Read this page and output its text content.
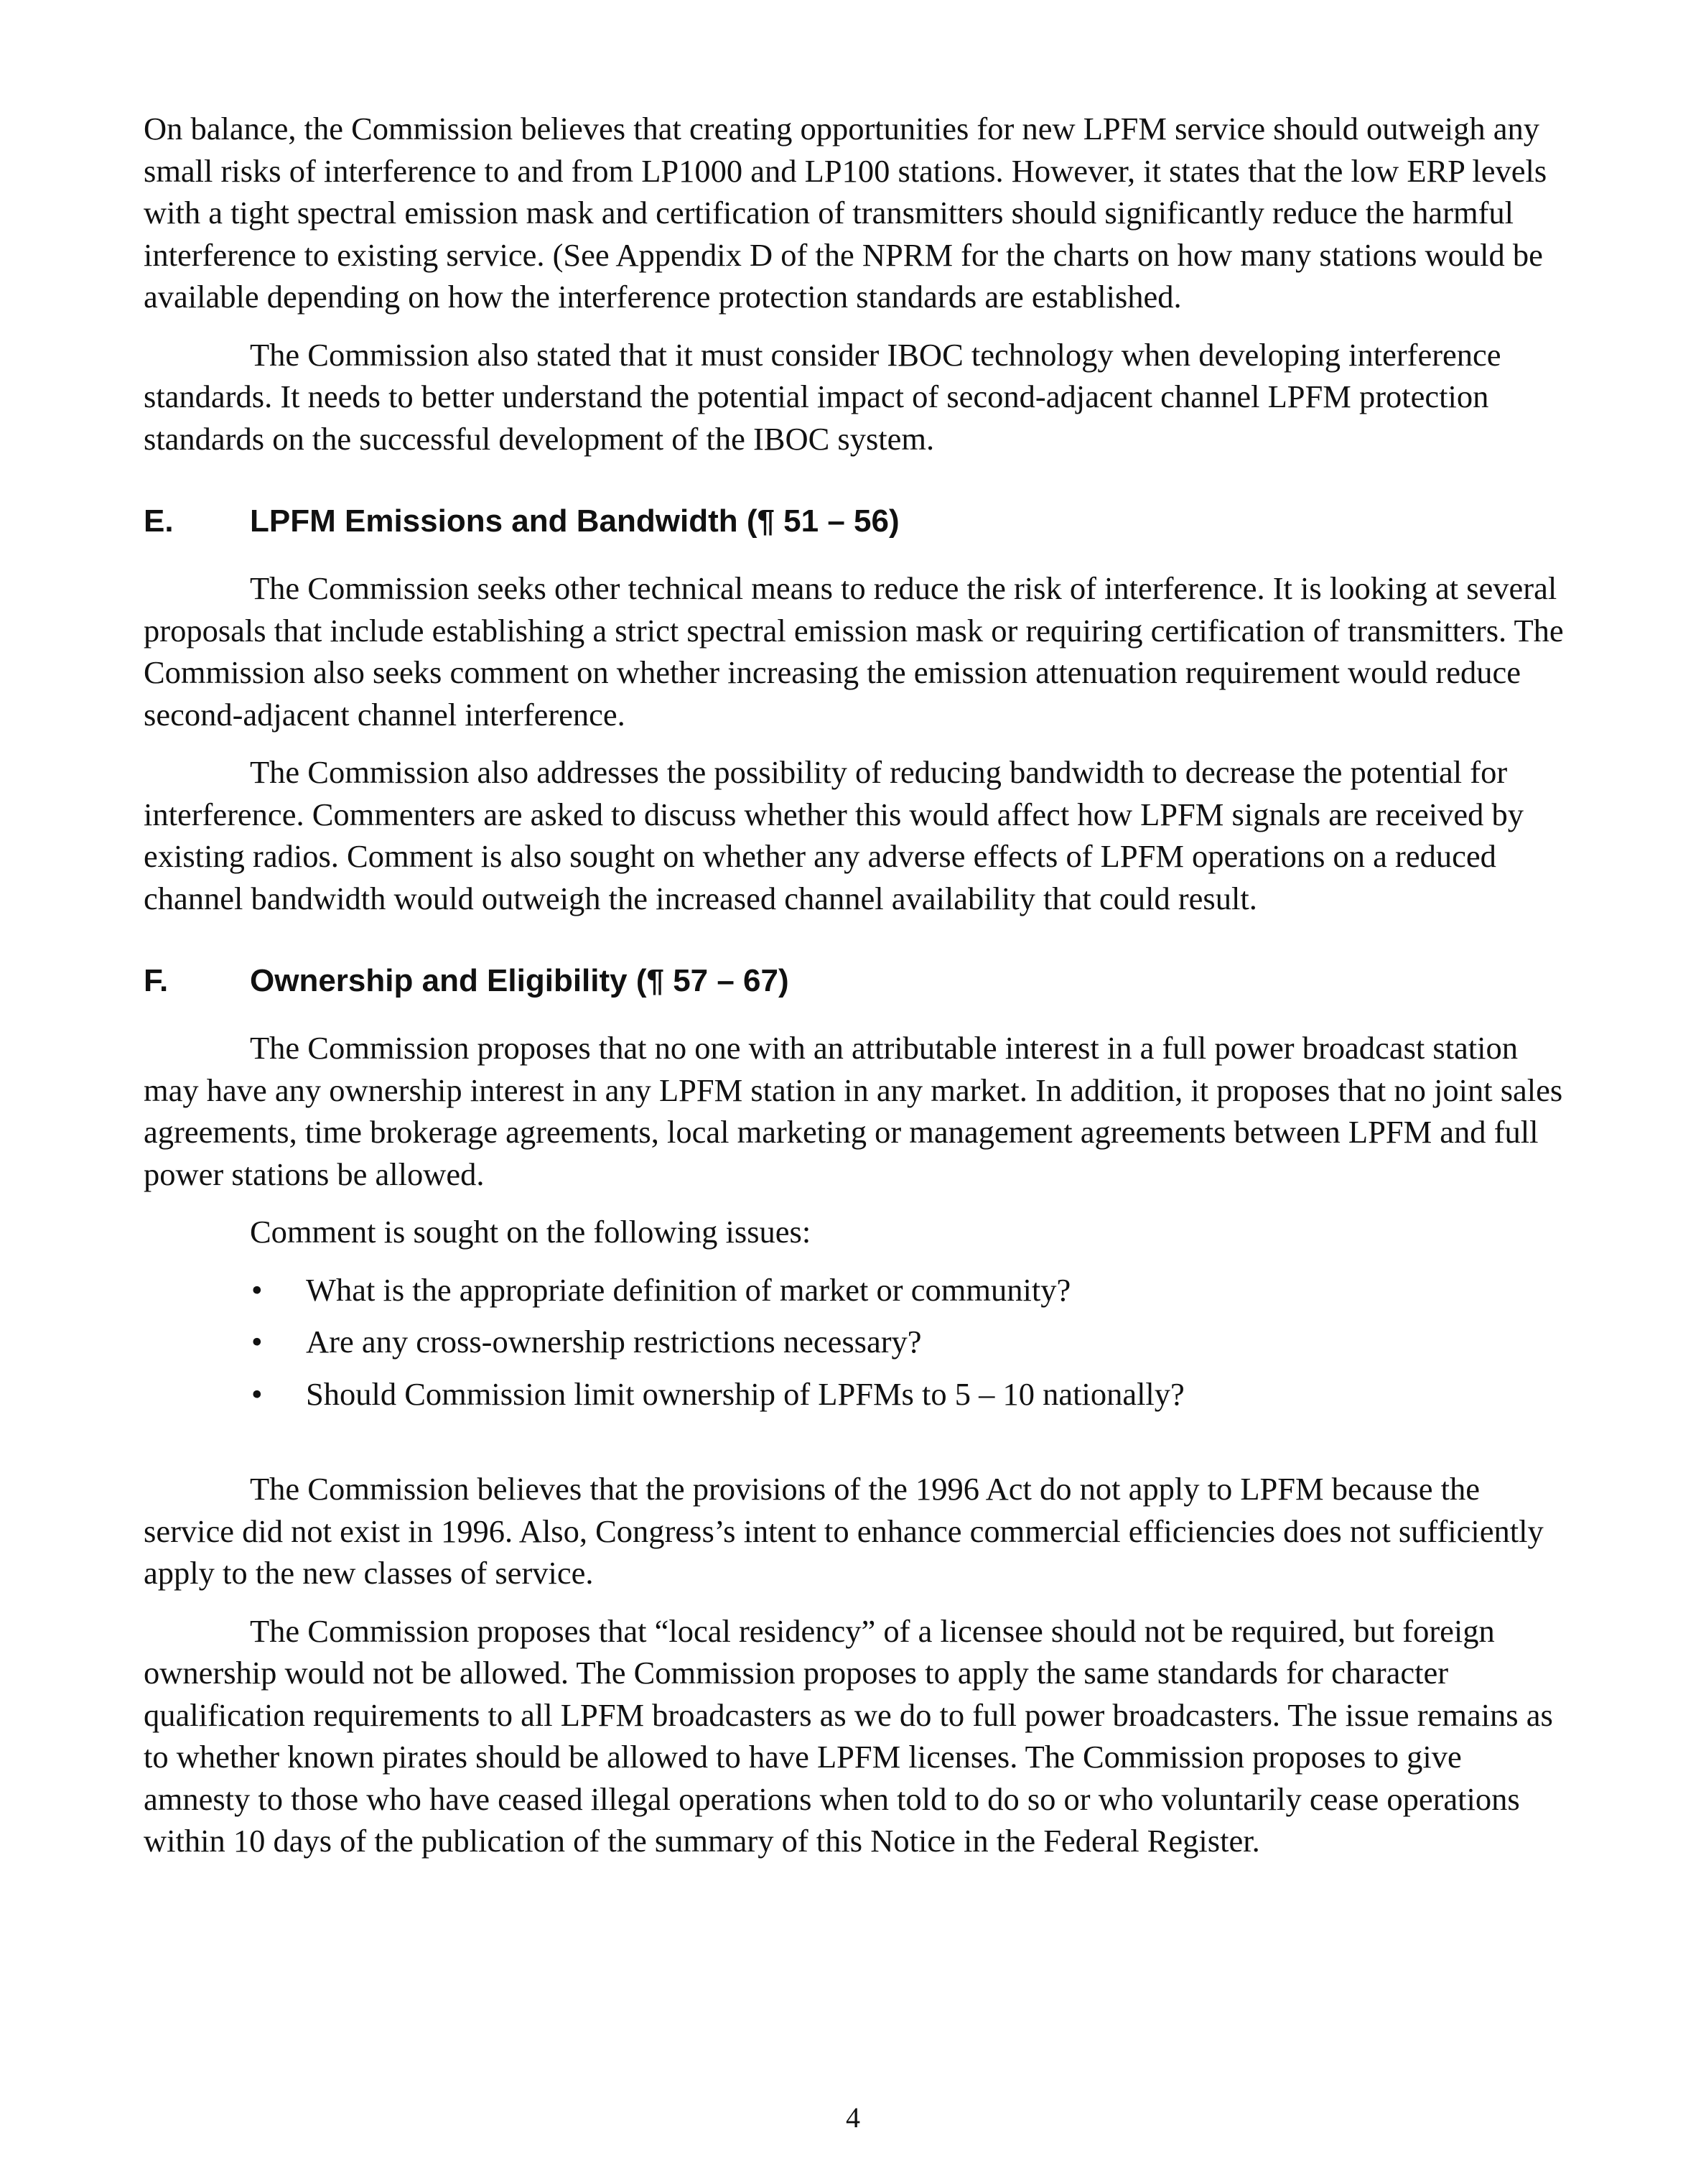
On balance, the Commission believes that creating opportunities for new LPFM service should outweigh any small risks of interference to and from LP1000 and LP100 stations. However, it states that the low ERP levels with a tight spectral emission mask and certification of transmitters should significantly reduce the harmful interference to existing service. (See Appendix D of the NPRM for the charts on how many stations would be available depending on how the interference protection standards are established.

The Commission also stated that it must consider IBOC technology when developing interference standards. It needs to better understand the potential impact of second-adjacent channel LPFM protection standards on the successful development of the IBOC system.

E.	LPFM Emissions and Bandwidth (¶ 51 – 56)

The Commission seeks other technical means to reduce the risk of interference. It is looking at several proposals that include establishing a strict spectral emission mask or requiring certification of transmitters. The Commission also seeks comment on whether increasing the emission attenuation requirement would reduce second-adjacent channel interference.

The Commission also addresses the possibility of reducing bandwidth to decrease the potential for interference. Commenters are asked to discuss whether this would affect how LPFM signals are received by existing radios. Comment is also sought on whether any adverse effects of LPFM operations on a reduced channel bandwidth would outweigh the increased channel availability that could result.

F.	Ownership and Eligibility (¶ 57 – 67)

The Commission proposes that no one with an attributable interest in a full power broadcast station may have any ownership interest in any LPFM station in any market. In addition, it proposes that no joint sales agreements, time brokerage agreements, local marketing or management agreements between LPFM and full power stations be allowed.

Comment is sought on the following issues:

• What is the appropriate definition of market or community?
• Are any cross-ownership restrictions necessary?
• Should Commission limit ownership of LPFMs to 5 – 10 nationally?

The Commission believes that the provisions of the 1996 Act do not apply to LPFM because the service did not exist in 1996. Also, Congress’s intent to enhance commercial efficiencies does not sufficiently apply to the new classes of service.

The Commission proposes that “local residency” of a licensee should not be required, but foreign ownership would not be allowed. The Commission proposes to apply the same standards for character qualification requirements to all LPFM broadcasters as we do to full power broadcasters. The issue remains as to whether known pirates should be allowed to have LPFM licenses. The Commission proposes to give amnesty to those who have ceased illegal operations when told to do so or who voluntarily cease operations within 10 days of the publication of the summary of this Notice in the Federal Register.

4
